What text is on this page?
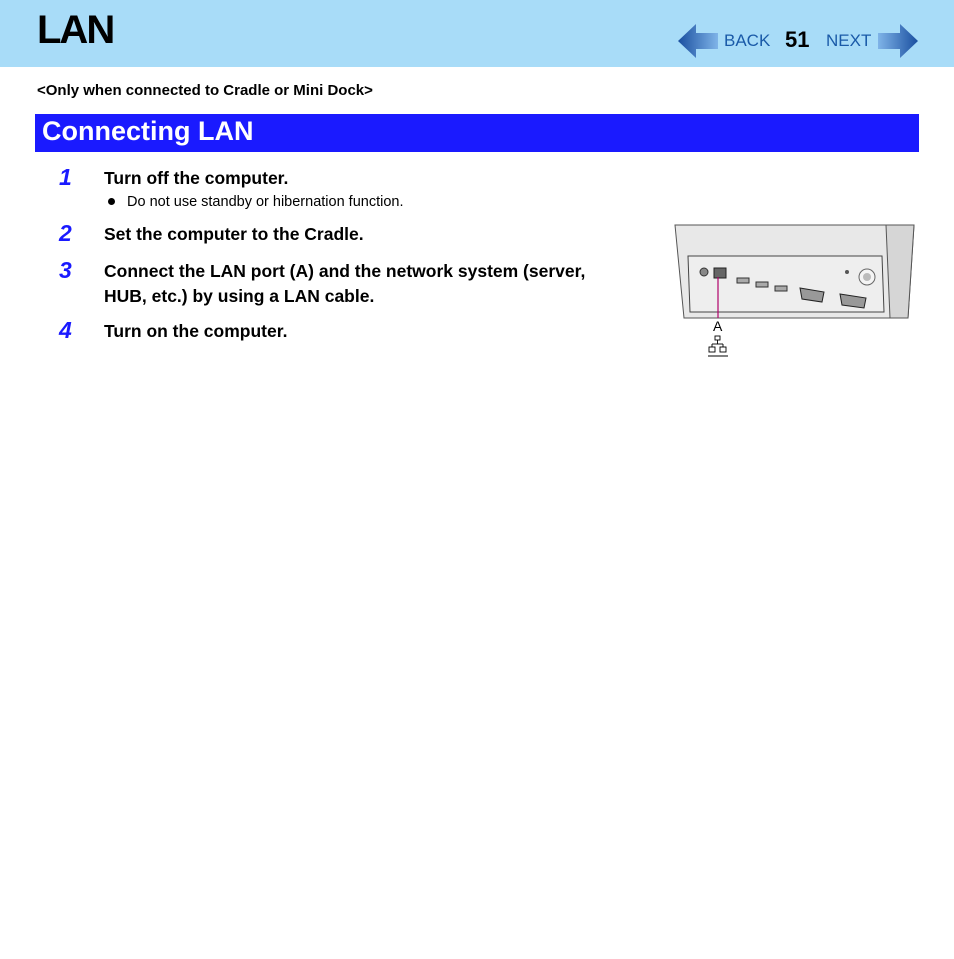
LAN	BACK 51 NEXT
<Only when connected to Cradle or Mini Dock>
Connecting LAN
1 Turn off the computer.
Do not use standby or hibernation function.
2 Set the computer to the Cradle.
3 Connect the LAN port (A) and the network system (server,
HUB, etc.) by using a LAN cable.
4 Turn on the computer.	A
